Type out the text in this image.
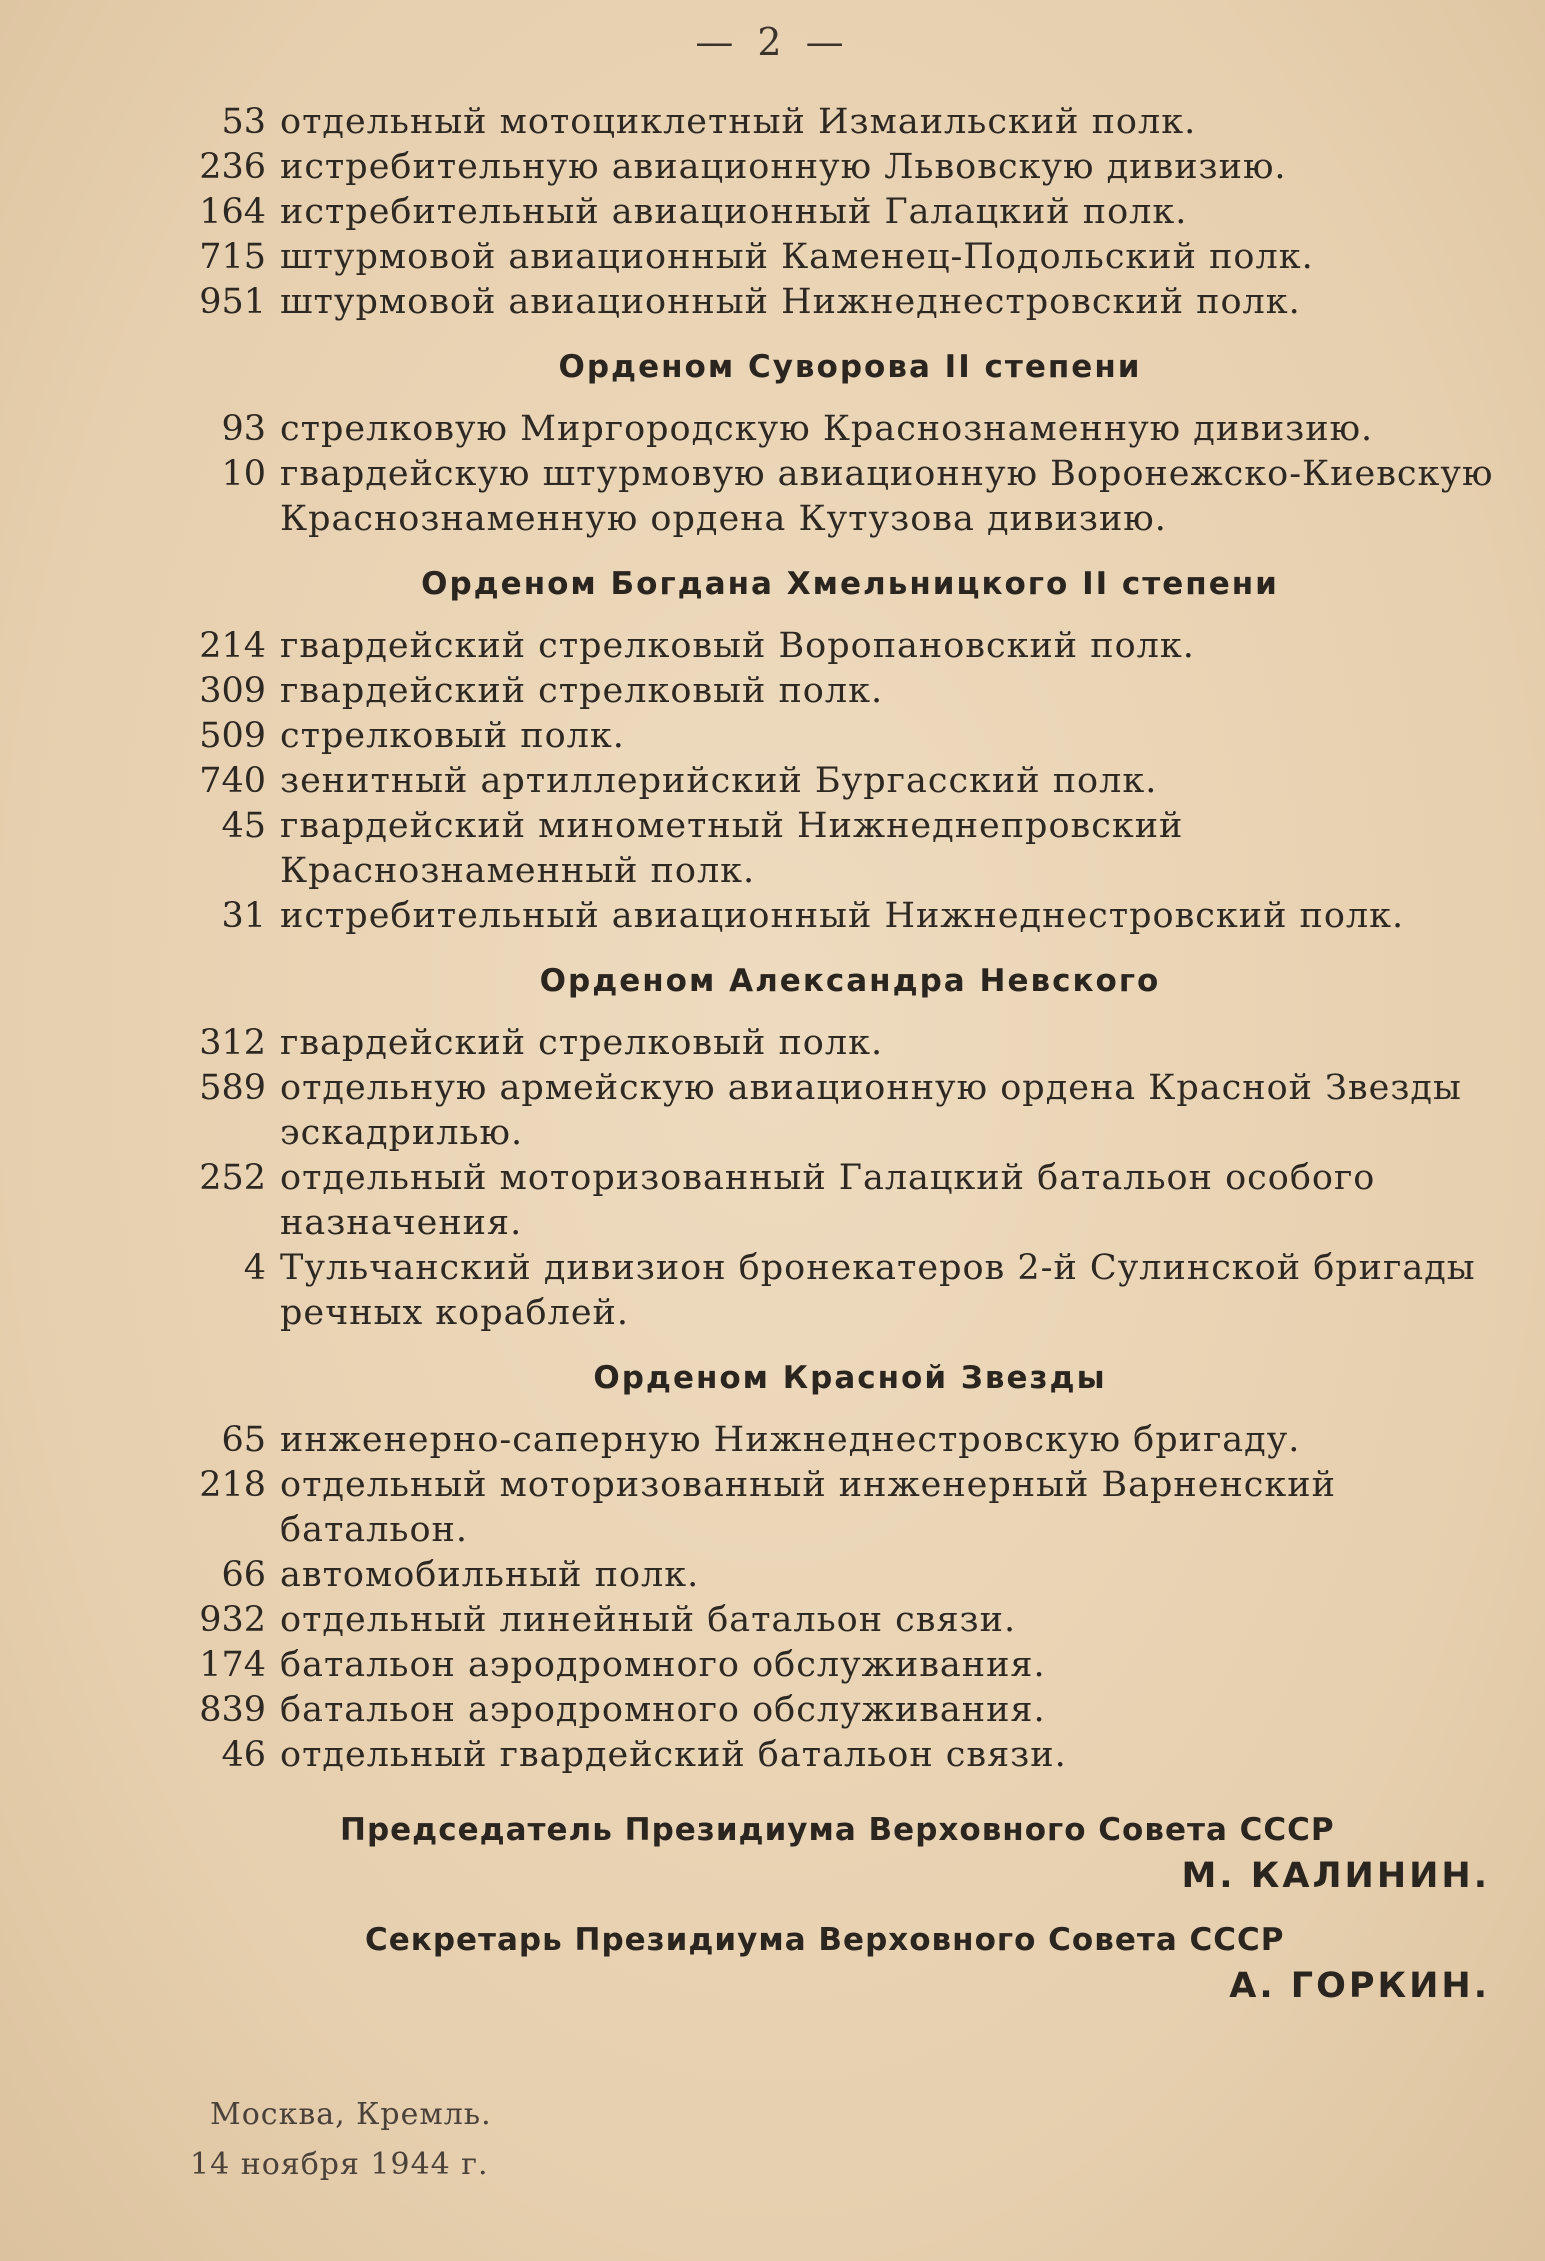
— 2 —
53 отдельный мотоциклетный Измаильский полк.
236 истребительную авиационную Львовскую дивизию.
164 истребительный авиационный Галацкий полк.
715 штурмовой авиационный Каменец-Подольский полк.
951 штурмовой авиационный Нижнеднестровский полк.
Орденом Суворова II степени
93 стрелковую Миргородскую Краснознаменную дивизию.
10 гвардейскую штурмовую авиационную Воронежско-Киевскую Краснознаменную ордена Кутузова дивизию.
Орденом Богдана Хмельницкого II степени
214 гвардейский стрелковый Воропановский полк.
309 гвардейский стрелковый полк.
509 стрелковый полк.
740 зенитный артиллерийский Бургасский полк.
45 гвардейский минометный Нижнеднепровский Краснознаменный полк.
31 истребительный авиационный Нижнеднестровский полк.
Орденом Александра Невского
312 гвардейский стрелковый полк.
589 отдельную армейскую авиационную ордена Красной Звезды эскадрилью.
252 отдельный моторизованный Галацкий батальон особого назначения.
4 Тульчанский дивизион бронекатеров 2-й Сулинской бригады речных кораблей.
Орденом Красной Звезды
65 инженерно-саперную Нижнеднестровскую бригаду.
218 отдельный моторизованный инженерный Варненский батальон.
66 автомобильный полк.
932 отдельный линейный батальон связи.
174 батальон аэродромного обслуживания.
839 батальон аэродромного обслуживания.
46 отдельный гвардейский батальон связи.
Председатель Президиума Верховного Совета СССР
М. КАЛИНИН.
Секретарь Президиума Верховного Совета СССР
А. ГОРКИН.
Москва, Кремль.
14 ноября 1944 г.
